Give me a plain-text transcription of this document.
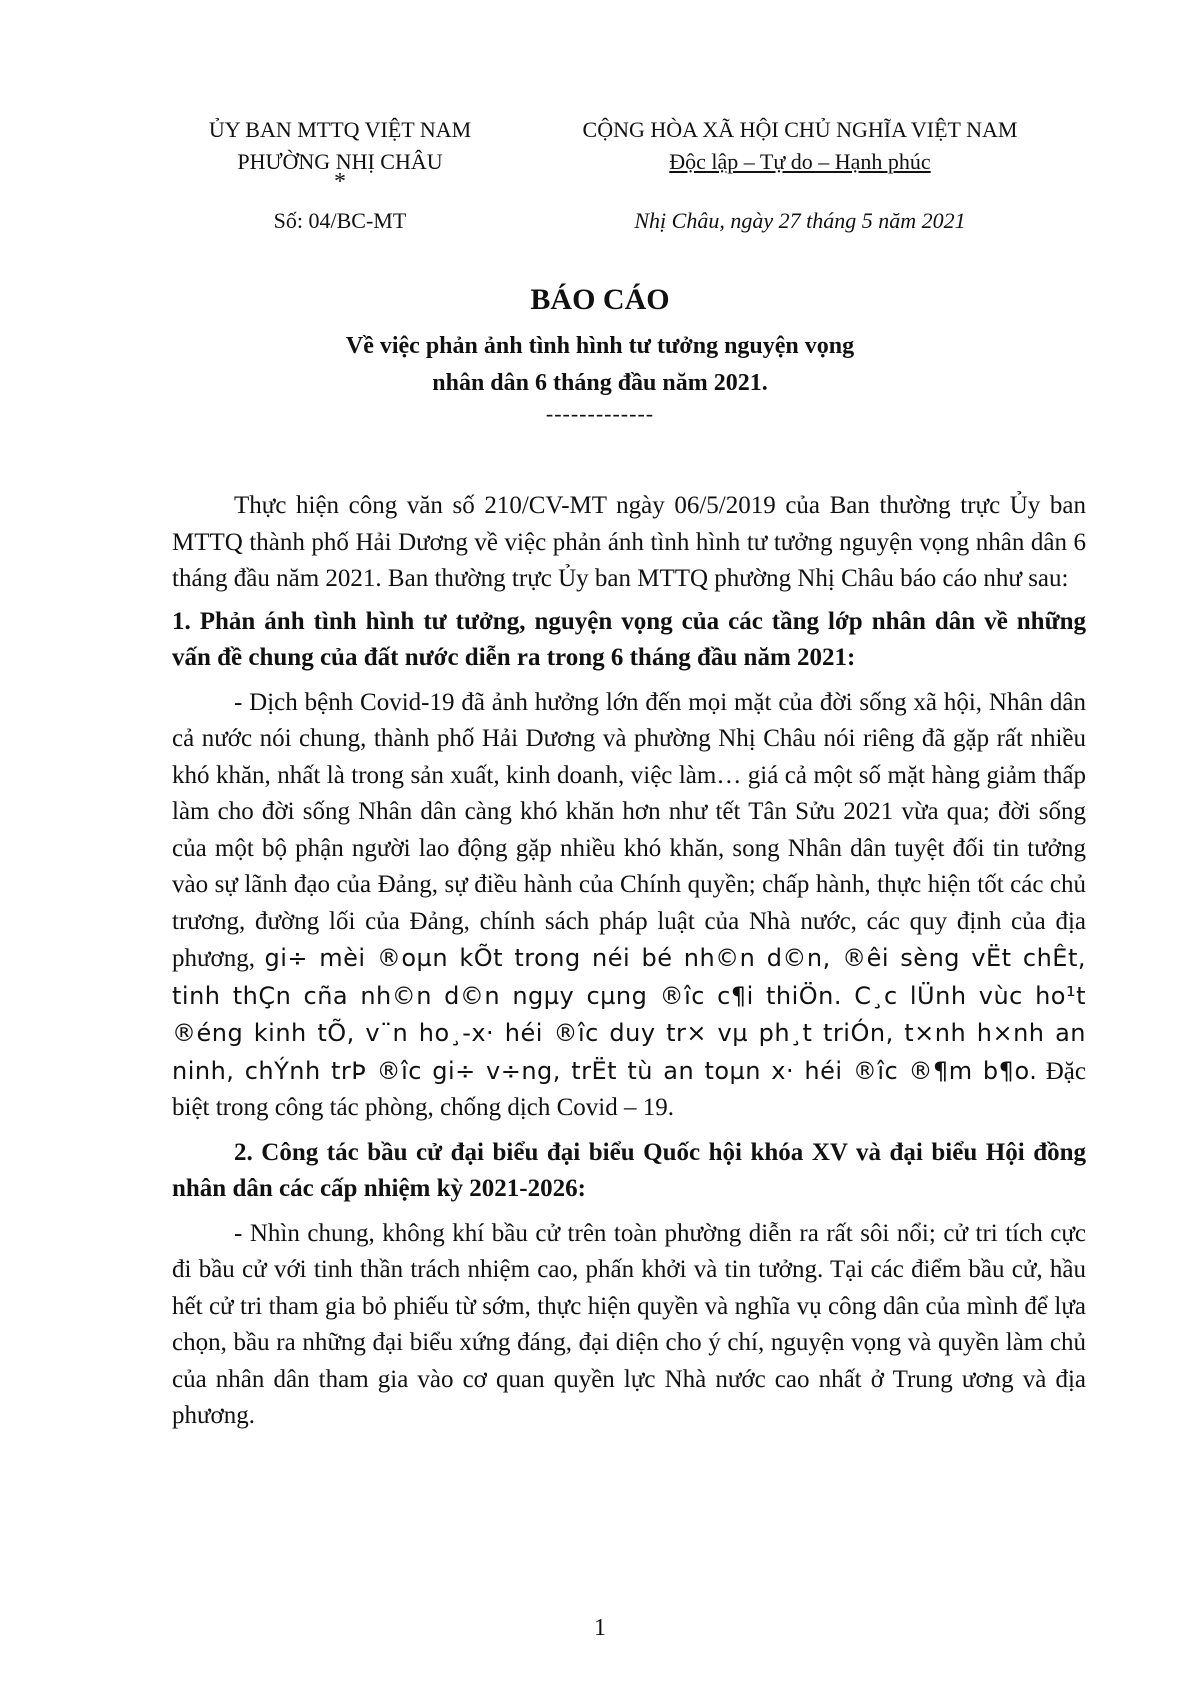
ỦY BAN MTTQ VIỆT NAM
PHƯỜNG NHỊ CHÂU
*
Số: 04/BC-MT
CỘNG HÒA XÃ HỘI CHỦ NGHĨA VIỆT NAM
Độc lập – Tự do – Hạnh phúc
Nhị Châu, ngày 27 tháng 5 năm 2021
BÁO CÁO
Về việc phản ảnh tình hình tư tưởng nguyện vọng
nhân dân 6 tháng đầu năm 2021.
-------------

Thực hiện công văn số 210/CV-MT ngày 06/5/2019 của Ban thường trực Ủy ban MTTQ thành phố Hải Dương về việc phản ánh tình hình tư tưởng nguyện vọng nhân dân 6 tháng đầu năm 2021. Ban thường trực Ủy ban MTTQ phường Nhị Châu báo cáo như sau:

1. Phản ánh tình hình tư tưởng, nguyện vọng của các tầng lớp nhân dân về những vấn đề chung của đất nước diễn ra trong 6 tháng đầu năm 2021:

- Dịch bệnh Covid-19 đã ảnh hưởng lớn đến mọi mặt của đời sống xã hội, Nhân dân cả nước nói chung, thành phố Hải Dương và phường Nhị Châu nói riêng đã gặp rất nhiều khó khăn, nhất là trong sản xuất, kinh doanh, việc làm… giá cả một số mặt hàng giảm thấp làm cho đời sống Nhân dân càng khó khăn hơn như tết Tân Sửu 2021 vừa qua; đời sống của một bộ phận người lao động gặp nhiều khó khăn, song Nhân dân tuyệt đối tin tưởng vào sự lãnh đạo của Đảng, sự điều hành của Chính quyền; chấp hành, thực hiện tốt các chủ trương, đường lối của Đảng, chính sách pháp luật của Nhà nước, các quy định của địa phương, gi÷ mèi ®oµn kÕt trong néi bé nh©n d©n, ®êi sèng vËt chÊt, tinh thÇn cña nh©n d©n ngµy cµng ®îc c¶i thiÖn. C¸c lÜnh vùc ho¹t ®éng kinh tÕ, v¨n ho¸-x· héi ®îc duy tr× vµ ph¸t triÓn, t×nh h×nh an ninh, chÝnh trÞ ®îc gi÷ v÷ng, trËt tù an toµn x· héi ®îc ®¶m b¶o. Đặc biệt trong công tác phòng, chống dịch Covid – 19.

2. Công tác bầu cử đại biểu đại biểu Quốc hội khóa XV và đại biểu Hội đồng nhân dân các cấp nhiệm kỳ 2021-2026:

- Nhìn chung, không khí bầu cử trên toàn phường diễn ra rất sôi nổi; cử tri tích cực đi bầu cử với tinh thần trách nhiệm cao, phấn khởi và tin tưởng. Tại các điểm bầu cử, hầu hết cử tri tham gia bỏ phiếu từ sớm, thực hiện quyền và nghĩa vụ công dân của mình để lựa chọn, bầu ra những đại biểu xứng đáng, đại diện cho ý chí, nguyện vọng và quyền làm chủ của nhân dân tham gia vào cơ quan quyền lực Nhà nước cao nhất ở Trung ương và địa phương.

1
